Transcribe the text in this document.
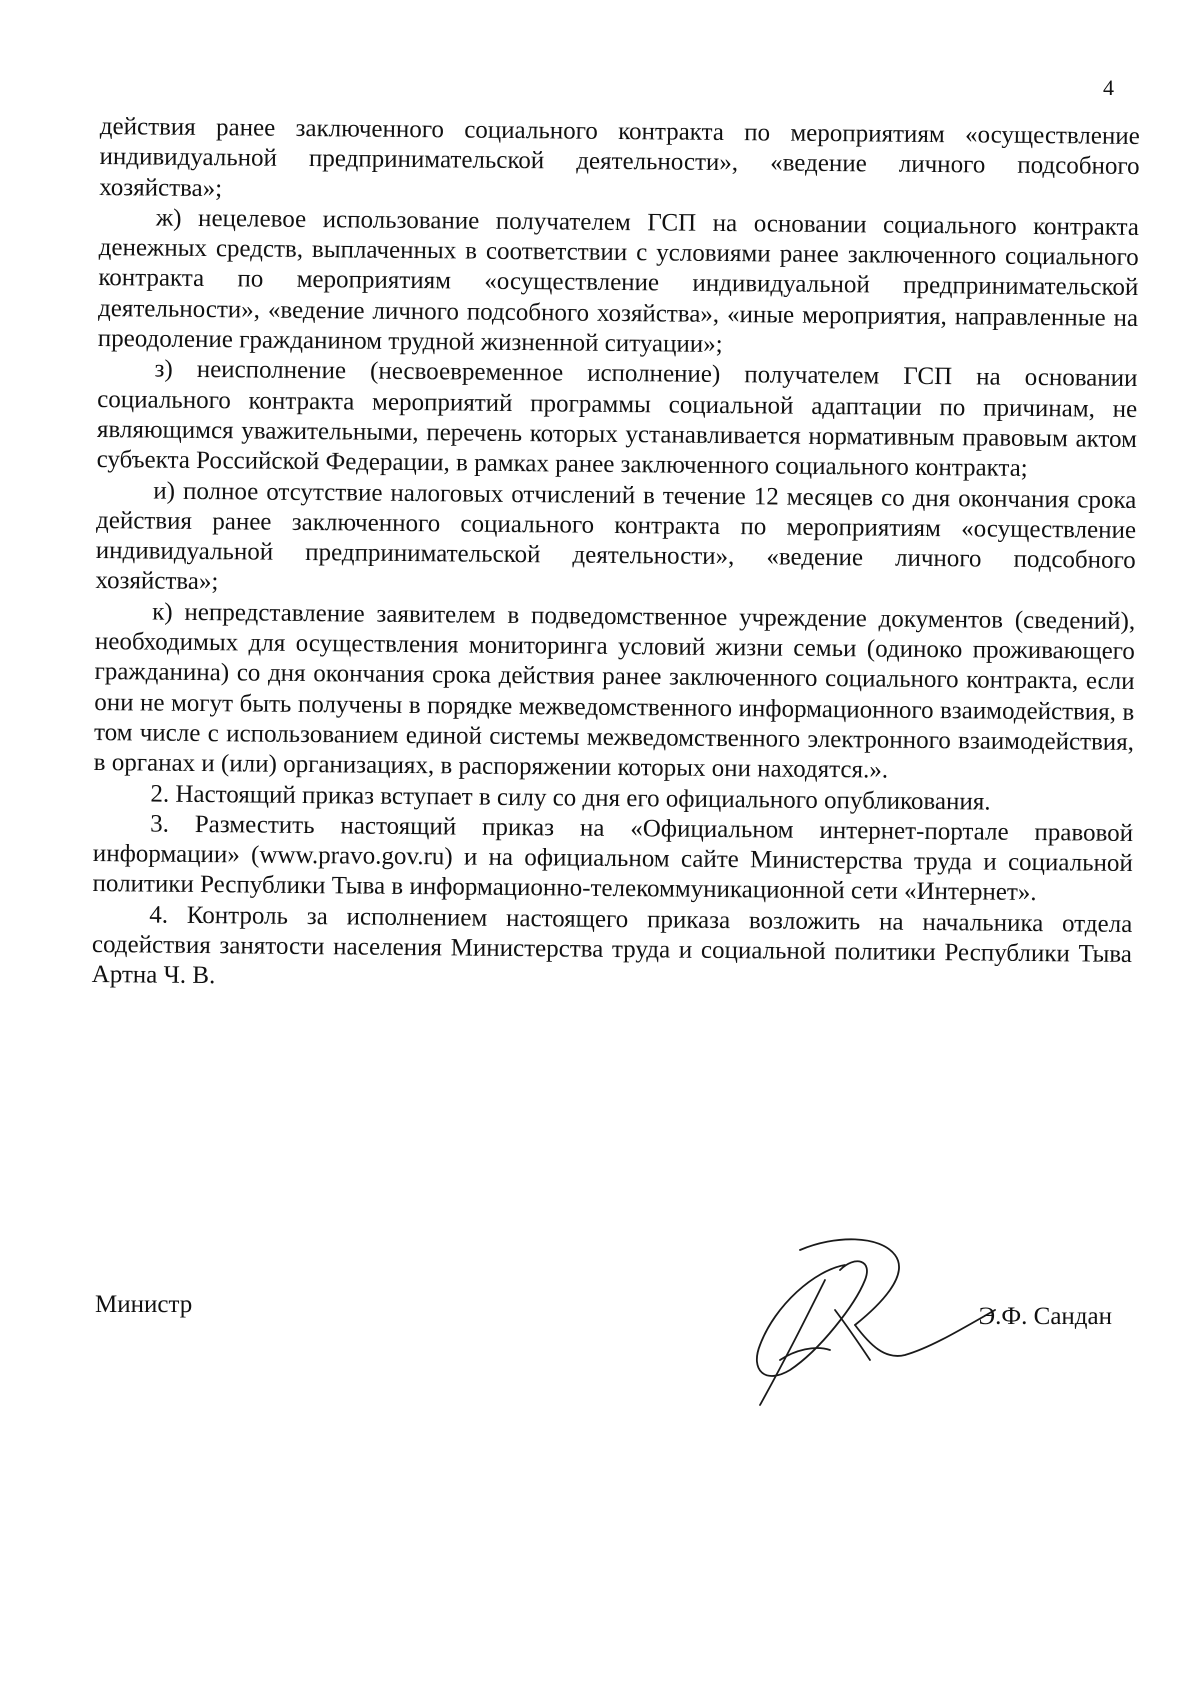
4

действия ранее заключенного социального контракта по мероприятиям «осуществление индивидуальной предпринимательской деятельности», «ведение личного подсобного хозяйства»;

ж) нецелевое использование получателем ГСП на основании социального контракта денежных средств, выплаченных в соответствии с условиями ранее заключенного социального контракта по мероприятиям «осуществление индивидуальной предпринимательской деятельности», «ведение личного подсобного хозяйства», «иные мероприятия, направленные на преодоление гражданином трудной жизненной ситуации»;

з) неисполнение (несвоевременное исполнение) получателем ГСП на основании социального контракта мероприятий программы социальной адаптации по причинам, не являющимся уважительными, перечень которых устанавливается нормативным правовым актом субъекта Российской Федерации, в рамках ранее заключенного социального контракта;

и) полное отсутствие налоговых отчислений в течение 12 месяцев со дня окончания срока действия ранее заключенного социального контракта по мероприятиям «осуществление индивидуальной предпринимательской деятельности», «ведение личного подсобного хозяйства»;

к) непредставление заявителем в подведомственное учреждение документов (сведений), необходимых для осуществления мониторинга условий жизни семьи (одиноко проживающего гражданина) со дня окончания срока действия ранее заключенного социального контракта, если они не могут быть получены в порядке межведомственного информационного взаимодействия, в том числе с использованием единой системы межведомственного электронного взаимодействия, в органах и (или) организациях, в распоряжении которых они находятся.».

2. Настоящий приказ вступает в силу со дня его официального опубликования.

3. Разместить настоящий приказ на «Официальном интернет-портале правовой информации» (www.pravo.gov.ru) и на официальном сайте Министерства труда и социальной политики Республики Тыва в информационно-телекоммуникационной сети «Интернет».

4. Контроль за исполнением настоящего приказа возложить на начальника отдела содействия занятости населения Министерства труда и социальной политики Республики Тыва Артна Ч. В.

Министр	Э.Ф. Сандан
